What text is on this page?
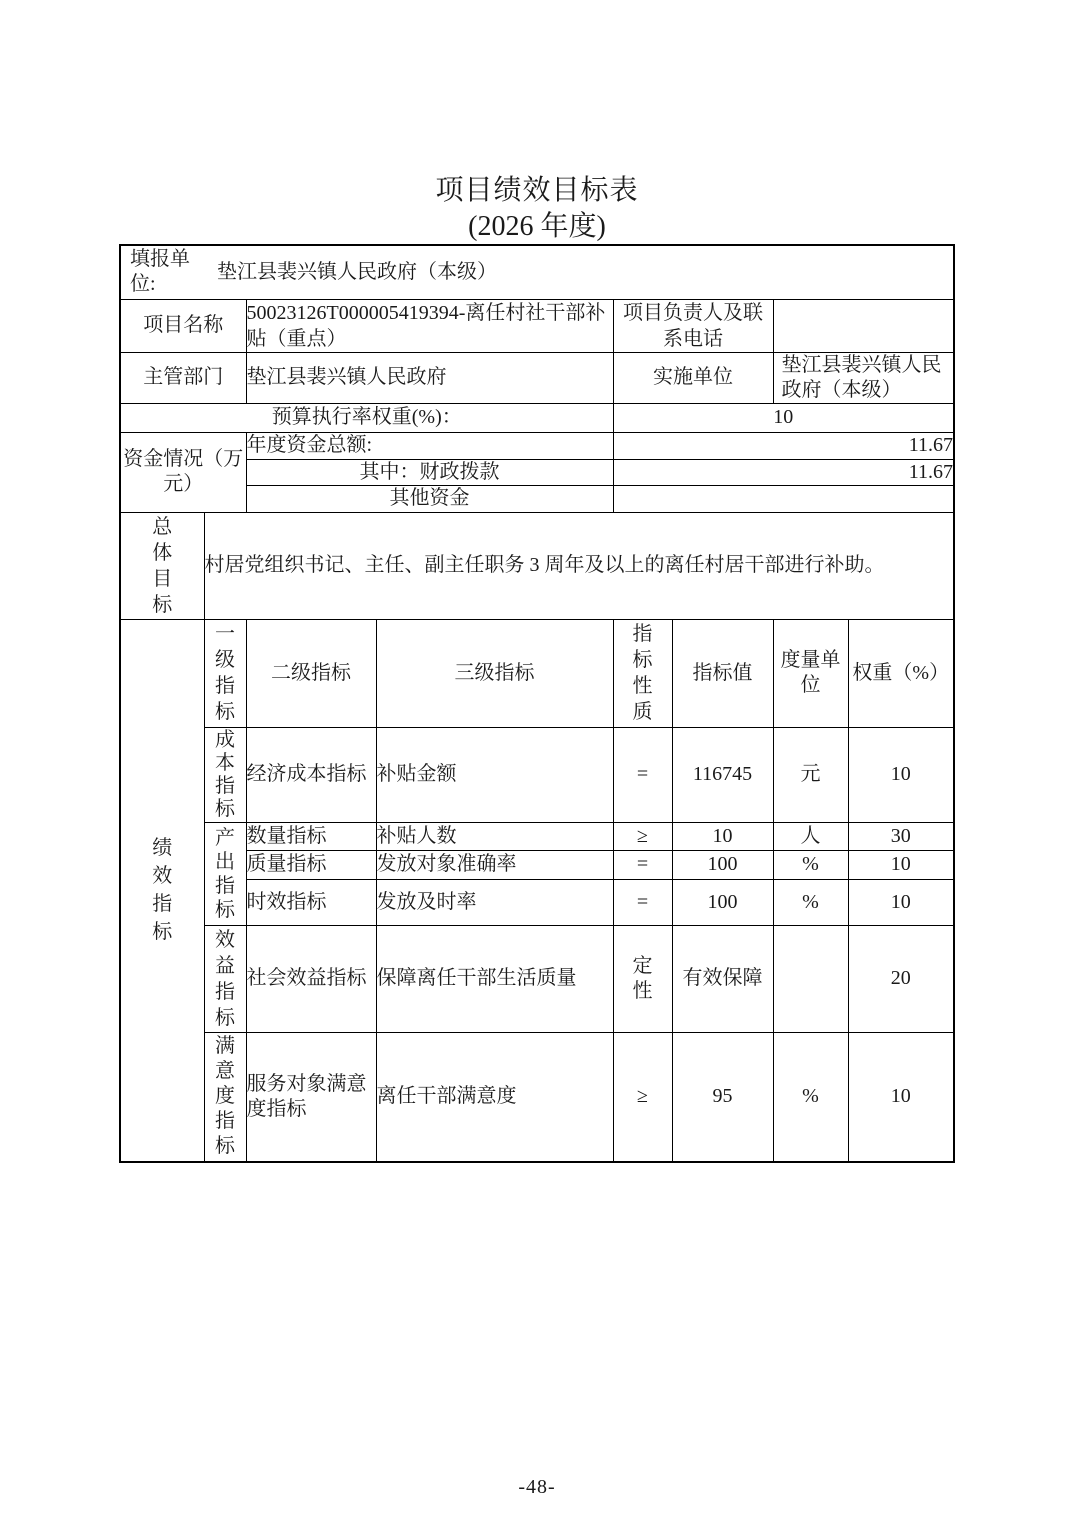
项目绩效目标表
(2026 年度)
填报单位:
垫江县裴兴镇人民政府（本级）							

项目名称		50023126T000005419394-离任村社干部补贴（重点）		项目负责人及联系电话			
主管部门		垫江县裴兴镇人民政府		实施单位		垫江县裴兴镇人民政府（本级）	
预算执行率权重(%)：				10			
资金情况（万元）		年度资金总额:		11.67			
		其中：财政拨款		11.67			
		其他资金					

总体目标	村居党组织书记、主任、副主任职务 3 周年及以上的离任村居干部进行补助。						

绩效指标	一级指标	二级指标	三级指标	指标性质	指标值	度量单位	权重（%）

	成本指标	经济成本指标	补贴金额	=	116745	元	10

	产出指标	数量指标	补贴人数	≥	10	人	30
		质量指标	发放对象准确率	=	100	%	10
		时效指标	发放及时率	=	100	%	10

	效益指标	社会效益指标	保障离任干部生活质量	定性	有效保障		20

	满意度指标	服务对象满意度指标	离任干部满意度	≥	95	%	10
-48-
